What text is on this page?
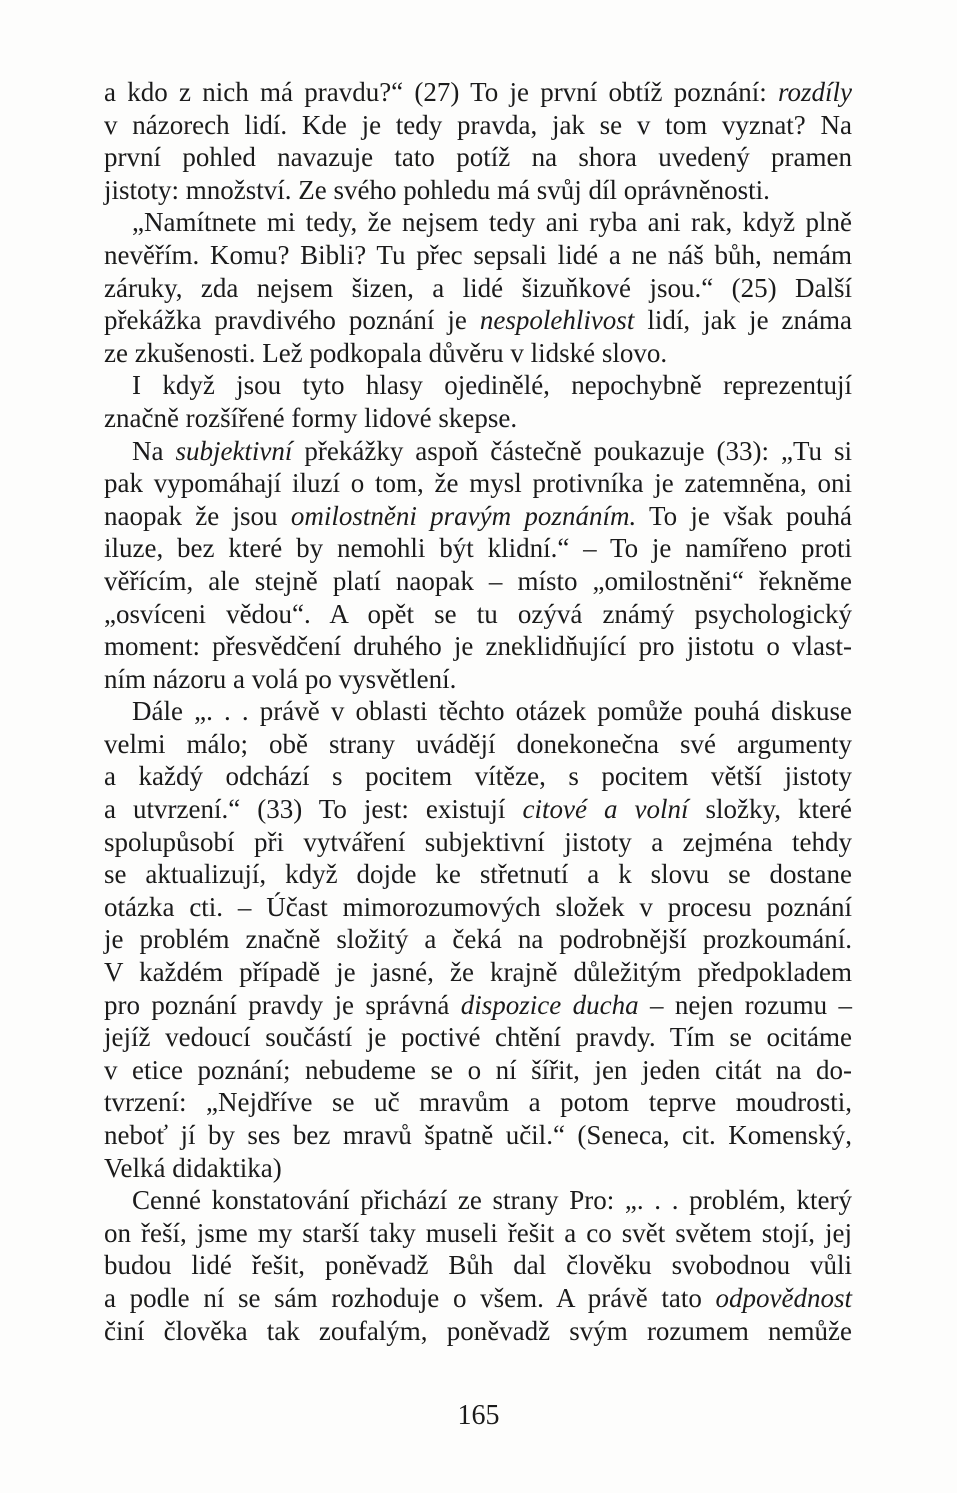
a kdo z nich má pravdu?“ (27) To je první obtíž poznání: rozdíly
v názorech lidí. Kde je tedy pravda, jak se v tom vyznat? Na
první pohled navazuje tato potíž na shora uvedený pramen
jistoty: množství. Ze svého pohledu má svůj díl oprávněnosti.
„Namítnete mi tedy, že nejsem tedy ani ryba ani rak, když plně
nevěřím. Komu? Bibli? Tu přec sepsali lidé a ne náš bůh, nemám
záruky, zda nejsem šizen, a lidé šizuňkové jsou.“ (25) Další
překážka pravdivého poznání je nespolehlivost lidí, jak je známa
ze zkušenosti. Lež podkopala důvěru v lidské slovo.
I když jsou tyto hlasy ojedinělé, nepochybně reprezentují
značně rozšířené formy lidové skepse.
Na subjektivní překážky aspoň částečně poukazuje (33): „Tu si
pak vypomáhají iluzí o tom, že mysl protivníka je zatemněna, oni
naopak že jsou omilostněni pravým poznáním. To je však pouhá
iluze, bez které by nemohli být klidní.“ – To je namířeno proti
věřícím, ale stejně platí naopak – místo „omilostněni“ řekněme
„osvíceni vědou“. A opět se tu ozývá známý psychologický
moment: přesvědčení druhého je zneklidňující pro jistotu o vlast-
ním názoru a volá po vysvětlení.
Dále „. . . právě v oblasti těchto otázek pomůže pouhá diskuse
velmi málo; obě strany uvádějí donekonečna své argumenty
a každý odchází s pocitem vítěze, s pocitem větší jistoty
a utvrzení.“ (33) To jest: existují citové a volní složky, které
spolupůsobí při vytváření subjektivní jistoty a zejména tehdy
se aktualizují, když dojde ke střetnutí a k slovu se dostane
otázka cti. – Účast mimorozumových složek v procesu poznání
je problém značně složitý a čeká na podrobnější prozkoumání.
V každém případě je jasné, že krajně důležitým předpokladem
pro poznání pravdy je správná dispozice ducha – nejen rozumu –
jejíž vedoucí součástí je poctivé chtění pravdy. Tím se ocitáme
v etice poznání; nebudeme se o ní šířit, jen jeden citát na do-
tvrzení: „Nejdříve se uč mravům a potom teprve moudrosti,
neboť jí by ses bez mravů špatně učil.“ (Seneca, cit. Komenský,
Velká didaktika)
Cenné konstatování přichází ze strany Pro: „. . . problém, který
on řeší, jsme my starší taky museli řešit a co svět světem stojí, jej
budou lidé řešit, poněvadž Bůh dal člověku svobodnou vůli
a podle ní se sám rozhoduje o všem. A právě tato odpovědnost
činí člověka tak zoufalým, poněvadž svým rozumem nemůže
165
